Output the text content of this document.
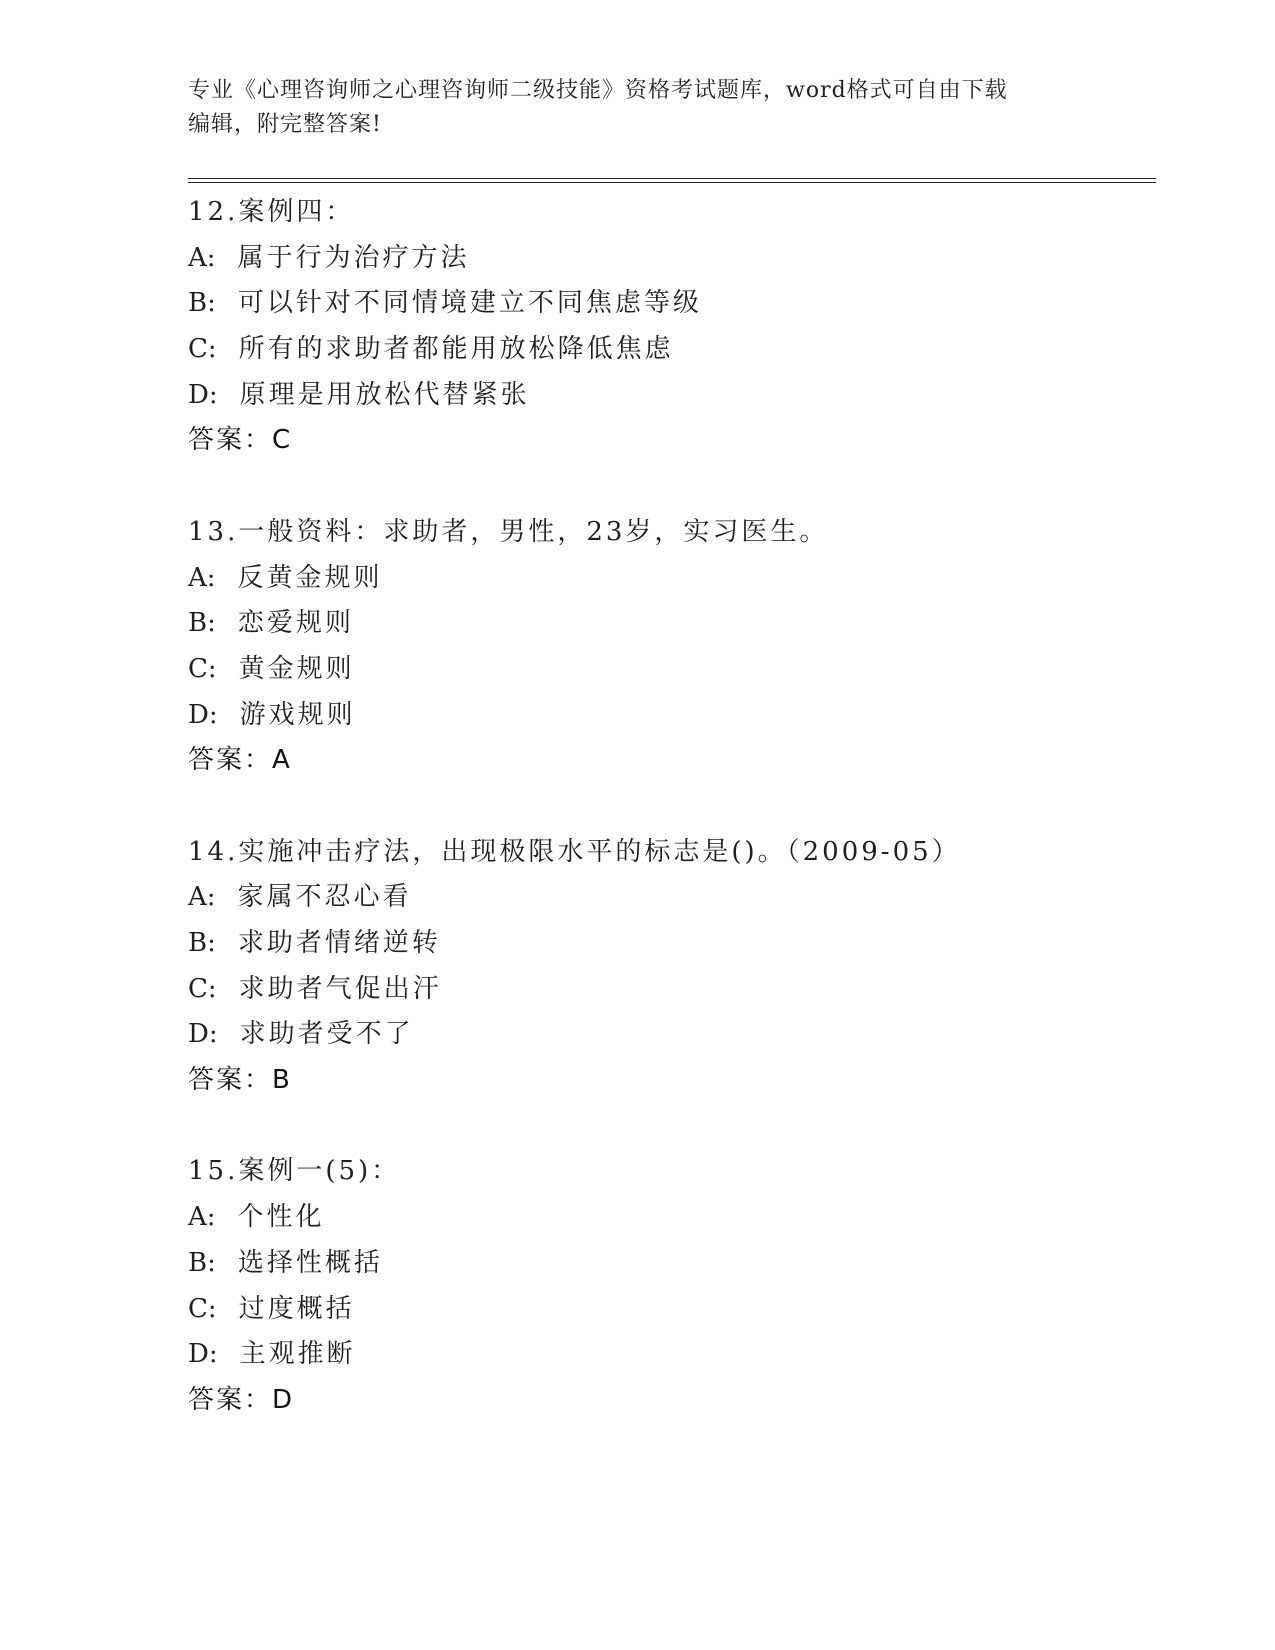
专业《心理咨询师之心理咨询师二级技能》资格考试题库，word格式可自由下载
编辑，附完整答案!
12.案例四：
A: 属于行为治疗方法
B: 可以针对不同情境建立不同焦虑等级
C: 所有的求助者都能用放松降低焦虑
D: 原理是用放松代替紧张
答案：C
13.一般资料：求助者，男性，23岁，实习医生。
A: 反黄金规则
B: 恋爱规则
C: 黄金规则
D: 游戏规则
答案：A
14.实施冲击疗法，出现极限水平的标志是()。（2009-05）
A: 家属不忍心看
B: 求助者情绪逆转
C: 求助者气促出汗
D: 求助者受不了
答案：B
15.案例一(5)：
A: 个性化
B: 选择性概括
C: 过度概括
D: 主观推断
答案：D
